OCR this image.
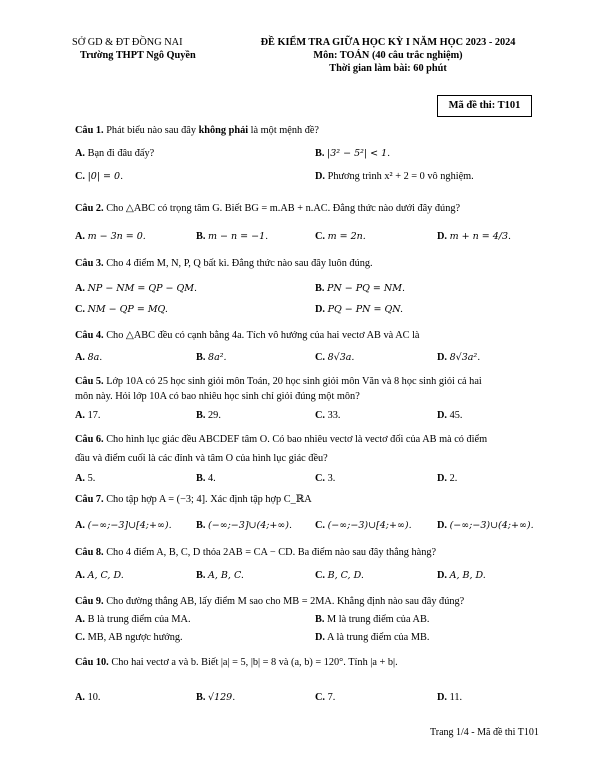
SỞ GD & ĐT ĐỒNG NAI
Trường THPT Ngô Quyền
ĐỀ KIỂM TRA GIỮA HỌC KỲ I NĂM HỌC 2023 - 2024
Môn: TOÁN (40 câu trắc nghiệm)
Thời gian làm bài: 60 phút
Mã đề thi: T101
Câu 1. Phát biểu nào sau đây không phải là một mệnh đề?
A. Bạn đi đâu đấy?	B. |3² − 5²| < 1.
C. |0| = 0.	D. Phương trình x² + 2 = 0 vô nghiệm.
Câu 2. Cho △ABC có trọng tâm G. Biết BG = m.AB + n.AC. Đẳng thức nào dưới đây đúng?
A. m − 3n = 0.	B. m − n = −1.	C. m = 2n.	D. m + n = 4/3.
Câu 3. Cho 4 điểm M, N, P, Q bất kì. Đẳng thức nào sau đây luôn đúng.
A. NP − NM = QP − QM.	B. PN − PQ = NM.
C. NM − QP = MQ.	D. PQ − PN = QN.
Câu 4. Cho △ABC đều có cạnh bằng 4a. Tích vô hướng của hai vectơ AB và AC là
A. 8a.	B. 8a².	C. 8√3a.	D. 8√3a².
Câu 5. Lớp 10A có 25 học sinh giỏi môn Toán, 20 học sinh giỏi môn Văn và 8 học sinh giỏi cả hai
môn này. Hỏi lớp 10A có bao nhiêu học sinh chỉ giỏi đúng một môn?
A. 17.	B. 29.	C. 33.	D. 45.
Câu 6. Cho hình lục giác đều ABCDEF tâm O. Có bao nhiêu vectơ là vectơ đối của AB mà có điểm
đầu và điểm cuối là các đỉnh và tâm O của hình lục giác đều?
A. 5.	B. 4.	C. 3.	D. 2.
Câu 7. Cho tập hợp A = (−3; 4]. Xác định tập hợp C_ℝA
A. (−∞;−3]∪[4;+∞). B. (−∞;−3]∪(4;+∞). C. (−∞;−3)∪[4;+∞). D. (−∞;−3)∪(4;+∞).
Câu 8. Cho 4 điểm A, B, C, D thỏa 2AB = CA − CD. Ba điểm nào sau đây thẳng hàng?
A. A, C, D.	B. A, B, C.	C. B, C, D.	D. A, B, D.
Câu 9. Cho đường thẳng AB, lấy điểm M sao cho MB = 2MA. Khẳng định nào sau đây đúng?
A. B là trung điểm của MA.	B. M là trung điểm của AB.
C. MB, AB ngược hướng.	D. A là trung điểm của MB.
Câu 10. Cho hai vectơ a và b. Biết |a| = 5, |b| = 8 và (a, b) = 120°. Tính |a + b|.
A. 10.	B. √129.	C. 7.	D. 11.
Trang 1/4 - Mã đề thi T101
